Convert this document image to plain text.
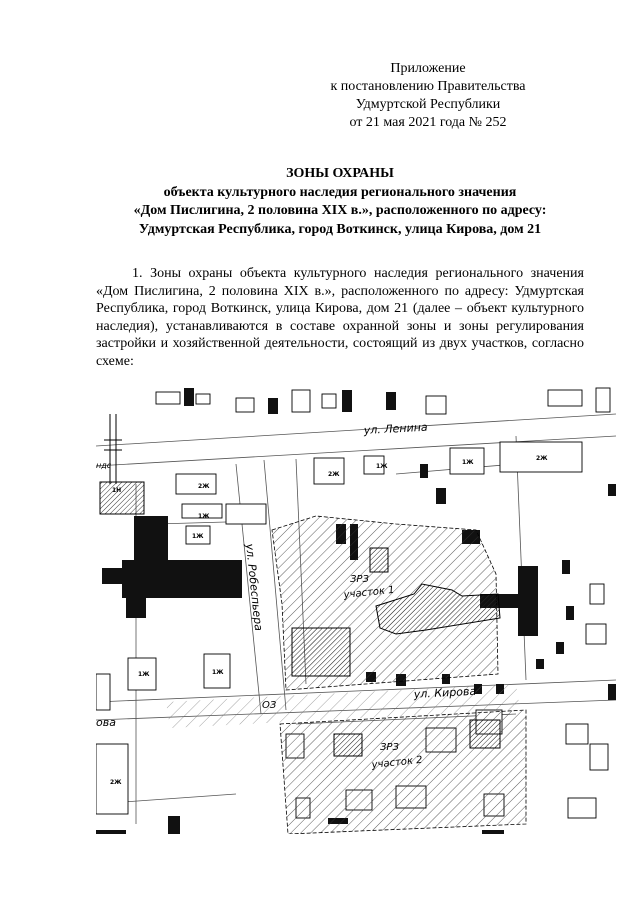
Приложение
к постановлению Правительства
Удмуртской Республики
от 21 мая 2021 года № 252
ЗОНЫ ОХРАНЫ
объекта культурного наследия регионального значения
«Дом Пислигина, 2 половина XIX в.», расположенного по адресу:
Удмуртская Республика, город Воткинск, улица Кирова, дом 21
1. Зоны охраны объекта культурного наследия регионального значения
«Дом Пислигина, 2 половина XIX в.», расположенного по адресу: Удмуртская
Республика, город Воткинск, улица Кирова, дом 21 (далее – объект культурного
наследия), устанавливаются в составе охранной зоны и зоны регулирования
застройки и хозяйственной деятельности, состоящий из двух участков, согласно
схеме:
ндс
ул. Ленина
ул. Робеспьера
ул. Кирова
ова
ОЗ
ЗРЗ
участок 1
ЗРЗ
участок 2
2Ж
2Ж
2Ж
1Ж
1Ж
1Ж
1Ж	1Ж
2Ж
1Н
1Ж
